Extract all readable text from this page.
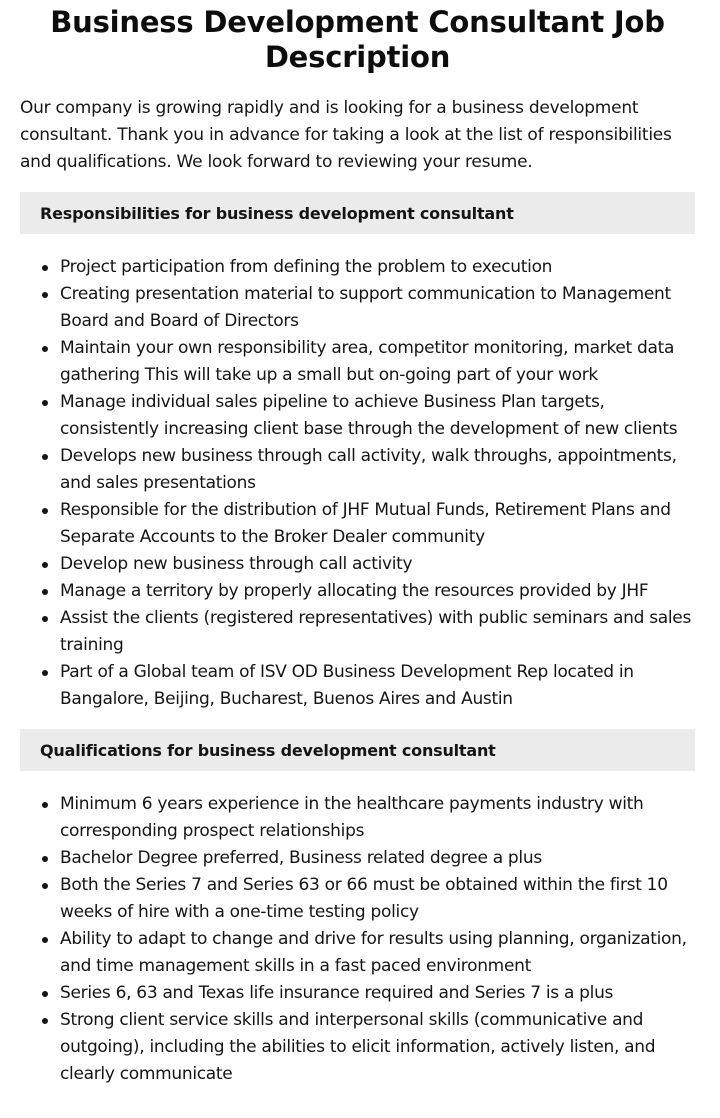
Business Development Consultant Job Description

Our company is growing rapidly and is looking for a business development consultant. Thank you in advance for taking a look at the list of responsibilities and qualifications. We look forward to reviewing your resume.

Responsibilities for business development consultant
Project participation from defining the problem to execution
Creating presentation material to support communication to Management Board and Board of Directors
Maintain your own responsibility area, competitor monitoring, market data gathering This will take up a small but on-going part of your work
Manage individual sales pipeline to achieve Business Plan targets, consistently increasing client base through the development of new clients
Develops new business through call activity, walk throughs, appointments, and sales presentations
Responsible for the distribution of JHF Mutual Funds, Retirement Plans and Separate Accounts to the Broker Dealer community
Develop new business through call activity
Manage a territory by properly allocating the resources provided by JHF
Assist the clients (registered representatives) with public seminars and sales training
Part of a Global team of ISV OD Business Development Rep located in Bangalore, Beijing, Bucharest, Buenos Aires and Austin
Qualifications for business development consultant
Minimum 6 years experience in the healthcare payments industry with corresponding prospect relationships
Bachelor Degree preferred, Business related degree a plus
Both the Series 7 and Series 63 or 66 must be obtained within the first 10 weeks of hire with a one-time testing policy
Ability to adapt to change and drive for results using planning, organization, and time management skills in a fast paced environment
Series 6, 63 and Texas life insurance required and Series 7 is a plus
Strong client service skills and interpersonal skills (communicative and outgoing), including the abilities to elicit information, actively listen, and clearly communicate
